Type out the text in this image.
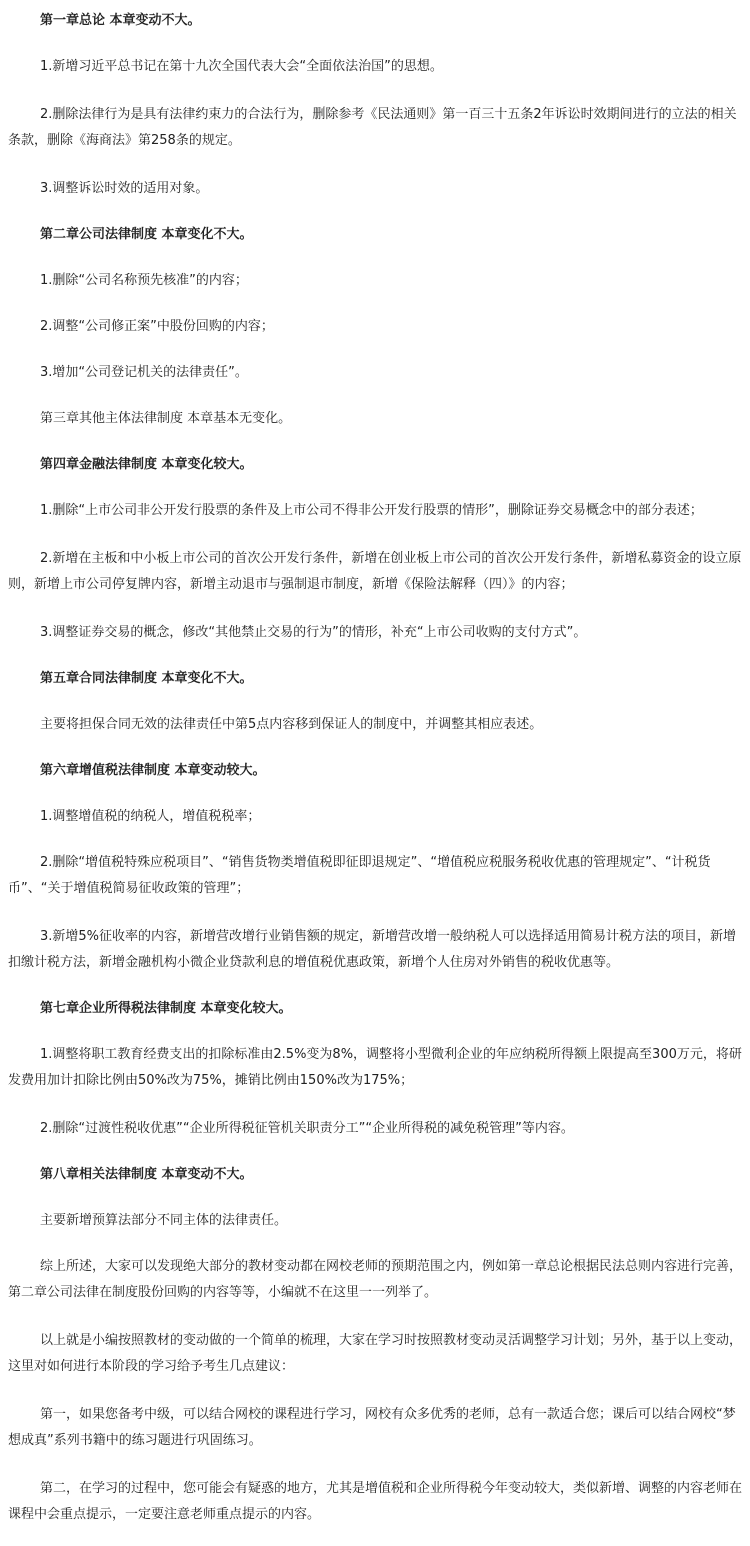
第一章总论 本章变动不大。

1.新增习近平总书记在第十九次全国代表大会“全面依法治国”的思想。

2.删除法律行为是具有法律约束力的合法行为，删除参考《民法通则》第一百三十五条2年诉讼时效期间进行的立法的相关条款，删除《海商法》第258条的规定。

3.调整诉讼时效的适用对象。

第二章公司法律制度 本章变化不大。

1.删除“公司名称预先核准”的内容；

2.调整“公司修正案”中股份回购的内容；

3.增加“公司登记机关的法律责任”。

第三章其他主体法律制度 本章基本无变化。

第四章金融法律制度 本章变化较大。

1.删除“上市公司非公开发行股票的条件及上市公司不得非公开发行股票的情形”，删除证券交易概念中的部分表述；

2.新增在主板和中小板上市公司的首次公开发行条件，新增在创业板上市公司的首次公开发行条件，新增私募资金的设立原则，新增上市公司停复牌内容，新增主动退市与强制退市制度，新增《保险法解释（四）》的内容；

3.调整证券交易的概念，修改“其他禁止交易的行为”的情形，补充“上市公司收购的支付方式”。

第五章合同法律制度 本章变化不大。

主要将担保合同无效的法律责任中第5点内容移到保证人的制度中，并调整其相应表述。

第六章增值税法律制度 本章变动较大。

1.调整增值税的纳税人，增值税税率；

2.删除“增值税特殊应税项目”、“销售货物类增值税即征即退规定”、“增值税应税服务税收优惠的管理规定”、“计税货币”、“关于增值税简易征收政策的管理”；

3.新增5%征收率的内容，新增营改增行业销售额的规定，新增营改增一般纳税人可以选择适用简易计税方法的项目，新增扣缴计税方法，新增金融机构小微企业贷款利息的增值税优惠政策，新增个人住房对外销售的税收优惠等。

第七章企业所得税法律制度 本章变化较大。

1.调整将职工教育经费支出的扣除标准由2.5%变为8%，调整将小型微利企业的年应纳税所得额上限提高至300万元，将研发费用加计扣除比例由50%改为75%，摊销比例由150%改为175%；

2.删除“过渡性税收优惠”“企业所得税征管机关职责分工”“企业所得税的减免税管理”等内容。

第八章相关法律制度 本章变动不大。

主要新增预算法部分不同主体的法律责任。

综上所述，大家可以发现绝大部分的教材变动都在网校老师的预期范围之内，例如第一章总论根据民法总则内容进行完善，第二章公司法律在制度股份回购的内容等等，小编就不在这里一一列举了。

以上就是小编按照教材的变动做的一个简单的梳理，大家在学习时按照教材变动灵活调整学习计划；另外，基于以上变动，这里对如何进行本阶段的学习给予考生几点建议：

第一，如果您备考中级，可以结合网校的课程进行学习，网校有众多优秀的老师，总有一款适合您；课后可以结合网校“梦想成真”系列书籍中的练习题进行巩固练习。

第二，在学习的过程中，您可能会有疑惑的地方，尤其是增值税和企业所得税今年变动较大，类似新增、调整的内容老师在课程中会重点提示，一定要注意老师重点提示的内容。
